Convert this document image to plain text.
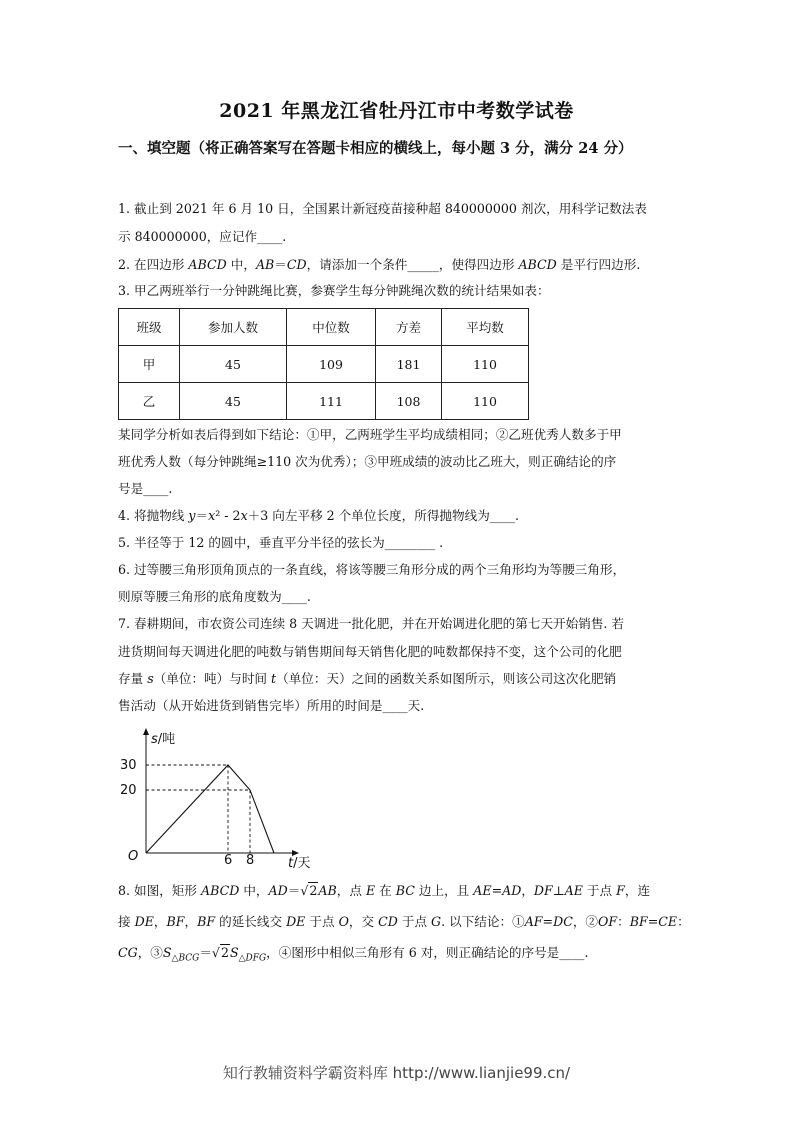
2021 年黑龙江省牡丹江市中考数学试卷
一、填空题（将正确答案写在答题卡相应的横线上，每小题 3 分，满分 24 分）
1. 截止到 2021 年 6 月 10 日，全国累计新冠疫苗接种超 840000000 剂次，用科学记数法表
示 840000000，应记作____.
2. 在四边形 ABCD 中，AB＝CD，请添加一个条件_____，使得四边形 ABCD 是平行四边形.
3. 甲乙两班举行一分钟跳绳比赛，参赛学生每分钟跳绳次数的统计结果如表：
班级	参加人数	中位数	方差	平均数
甲	45	109	181	110
乙	45	111	108	110
某同学分析如表后得到如下结论：①甲，乙两班学生平均成绩相同；②乙班优秀人数多于甲
班优秀人数（每分钟跳绳≥110 次为优秀）；③甲班成绩的波动比乙班大，则正确结论的序
号是____.
4. 将抛物线 y＝x² - 2x＋3 向左平移 2 个单位长度，所得抛物线为____.
5. 半径等于 12 的圆中，垂直平分半径的弦长为________ .
6. 过等腰三角形顶角顶点的一条直线，将该等腰三角形分成的两个三角形均为等腰三角形，
则原等腰三角形的底角度数为____.
7. 春耕期间，市农资公司连续 8 天调进一批化肥，并在开始调进化肥的第七天开始销售. 若
进货期间每天调进化肥的吨数与销售期间每天销售化肥的吨数都保持不变，这个公司的化肥
存量 s（单位：吨）与时间 t（单位：天）之间的函数关系如图所示，则该公司这次化肥销
售活动（从开始进货到销售完毕）所用的时间是____天.
30
20
O	6 8
s/吨
t/天
8. 如图，矩形 ABCD 中，AD＝√2AB，点 E 在 BC 边上，且 AE=AD，DF⊥AE 于点 F，连
接 DE，BF，BF 的延长线交 DE 于点 O，交 CD 于点 G. 以下结论：①AF=DC，②OF：BF=CE：
CG，$③S_{\triangle BCG}=√2S_{\triangle DFG}$，④图形中相似三角形有 6 对，则正确结论的序号是____.
知行教辅资料学霸资料库 http://www.lianjie99.cn/
